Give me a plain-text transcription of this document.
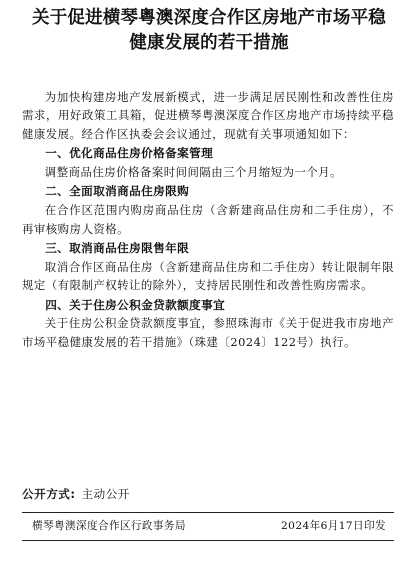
关于促进横琴粤澳深度合作区房地产市场平稳
健康发展的若干措施

为加快构建房地产发展新模式，进一步满足居民刚性和改善性住房需求，用好政策工具箱，促进横琴粤澳深度合作区房地产市场持续平稳健康发展。经合作区执委会会议通过，现就有关事项通知如下：

一、优化商品住房价格备案管理

调整商品住房价格备案时间间隔由三个月缩短为一个月。

二、全面取消商品住房限购

在合作区范围内购房商品住房（含新建商品住房和二手住房），不再审核购房人资格。

三、取消商品住房限售年限

取消合作区商品住房（含新建商品住房和二手住房）转让限制年限规定（有限制产权转让的除外），支持居民刚性和改善性购房需求。

四、关于住房公积金贷款额度事宜

关于住房公积金贷款额度事宜，参照珠海市《关于促进我市房地产市场平稳健康发展的若干措施》（珠建〔2024〕122号）执行。

公开方式: 主动公开

横琴粤澳深度合作区行政事务局	2024年6月17日印发
